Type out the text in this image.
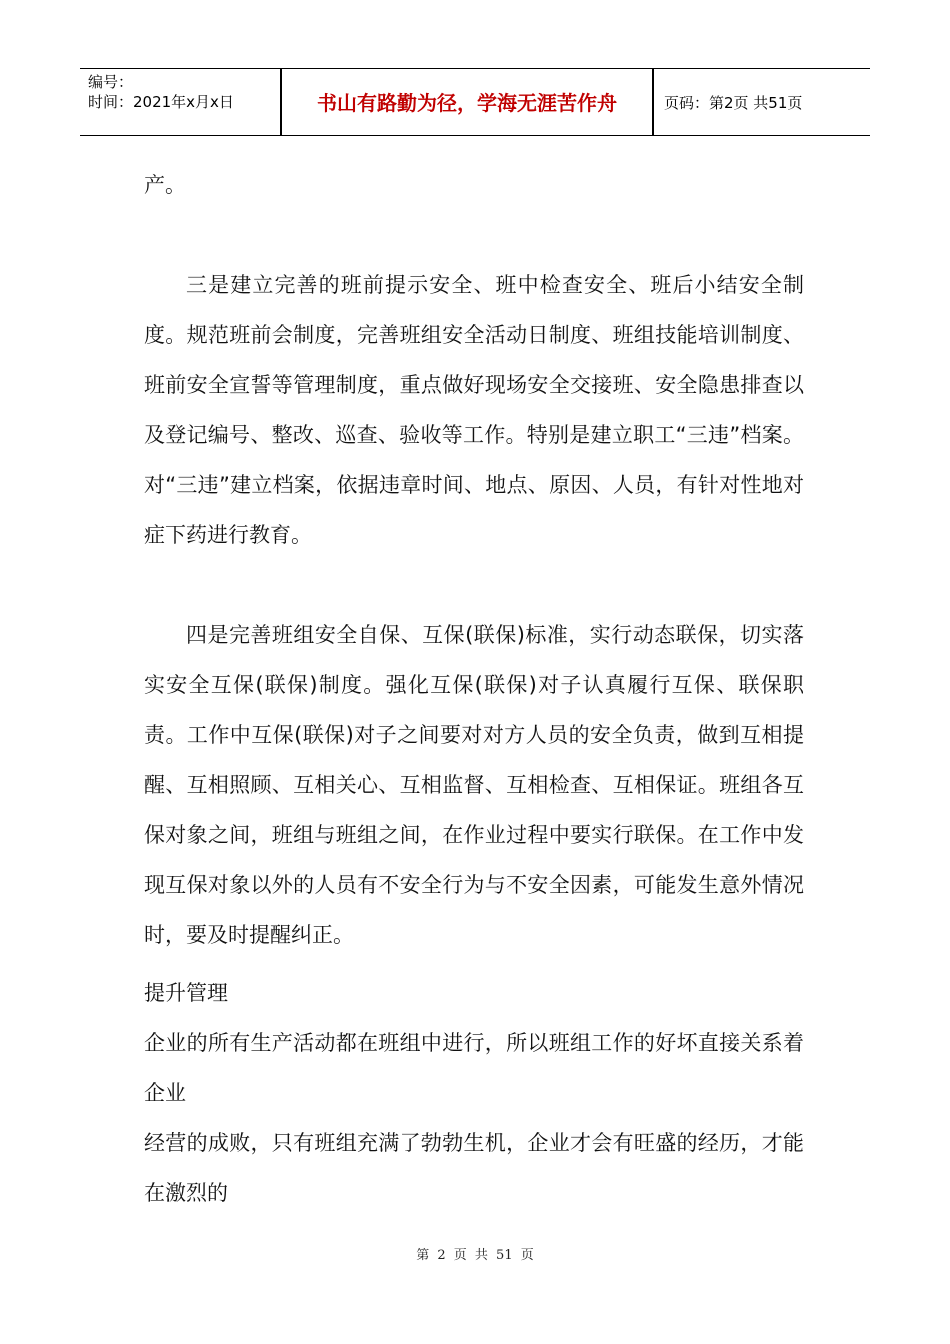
编号：
时间：2021年x月x日	书山有路勤为径，学海无涯苦作舟	页码：第2页 共51页

产。

三是建立完善的班前提示安全、班中检查安全、班后小结安全制度。规范班前会制度，完善班组安全活动日制度、班组技能培训制度、班前安全宣誓等管理制度，重点做好现场安全交接班、安全隐患排查以及登记编号、整改、巡查、验收等工作。特别是建立职工“三违”档案。对“三违”建立档案，依据违章时间、地点、原因、人员，有针对性地对症下药进行教育。

四是完善班组安全自保、互保(联保)标准，实行动态联保，切实落实安全互保(联保)制度。强化互保(联保)对子认真履行互保、联保职责。工作中互保(联保)对子之间要对对方人员的安全负责，做到互相提醒、互相照顾、互相关心、互相监督、互相检查、互相保证。班组各互保对象之间，班组与班组之间，在作业过程中要实行联保。在工作中发现互保对象以外的人员有不安全行为与不安全因素，可能发生意外情况时，要及时提醒纠正。

提升管理

企业的所有生产活动都在班组中进行，所以班组工作的好坏直接关系着企业

经营的成败，只有班组充满了勃勃生机，企业才会有旺盛的经历，才能在激烈的

第 2 页 共 51 页
